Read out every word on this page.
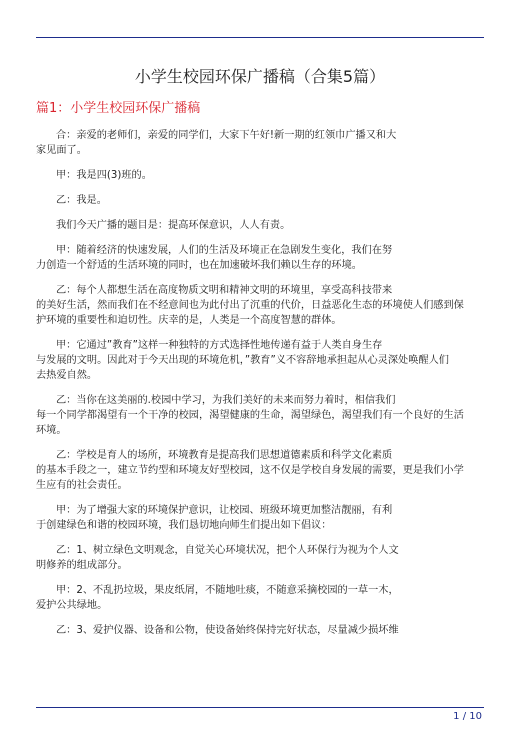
小学生校园环保广播稿（合集5篇）
篇1：小学生校园环保广播稿

合：亲爱的老师们，亲爱的同学们，大家下午好!新一期的红领巾广播又和大
家见面了。

甲：我是四(3)班的。

乙：我是。

我们今天广播的题目是：提高环保意识，人人有责。

甲：随着经济的快速发展，人们的生活及环境正在急剧发生变化，我们在努
力创造一个舒适的生活环境的同时，也在加速破坏我们赖以生存的环境。

乙：每个人都想生活在高度物质文明和精神文明的环境里，享受高科技带来
的美好生活，然而我们在不经意间也为此付出了沉重的代价，日益恶化生态的环境使人们感到保
护环境的重要性和迫切性。庆幸的是，人类是一个高度智慧的群体。

甲：它通过”教育”这样一种独特的方式选择性地传递有益于人类自身生存
与发展的文明。因此对于今天出现的环境危机，”教育”义不容辞地承担起从心灵深处唤醒人们
去热爱自然。

乙：当你在这美丽的.校园中学习，为我们美好的未来而努力着时，相信我们
每一个同学都渴望有一个干净的校园，渴望健康的生命，渴望绿色，渴望我们有一个良好的生活
环境。

乙：学校是育人的场所，环境教育是提高我们思想道德素质和科学文化素质
的基本手段之一，建立节约型和环境友好型校园，这不仅是学校自身发展的需要，更是我们小学
生应有的社会责任。

甲：为了增强大家的环境保护意识，让校园、班级环境更加整洁靓丽，有利
于创建绿色和谐的校园环境，我们恳切地向师生们提出如下倡议：

乙：1、树立绿色文明观念，自觉关心环境状况，把个人环保行为视为个人文
明修养的组成部分。

甲：2、不乱扔垃圾，果皮纸屑，不随地吐痰，不随意采摘校园的一草一木，
爱护公共绿地。

乙：3、爱护仪器、设备和公物，使设备始终保持完好状态，尽量减少损坏维

1 / 10
